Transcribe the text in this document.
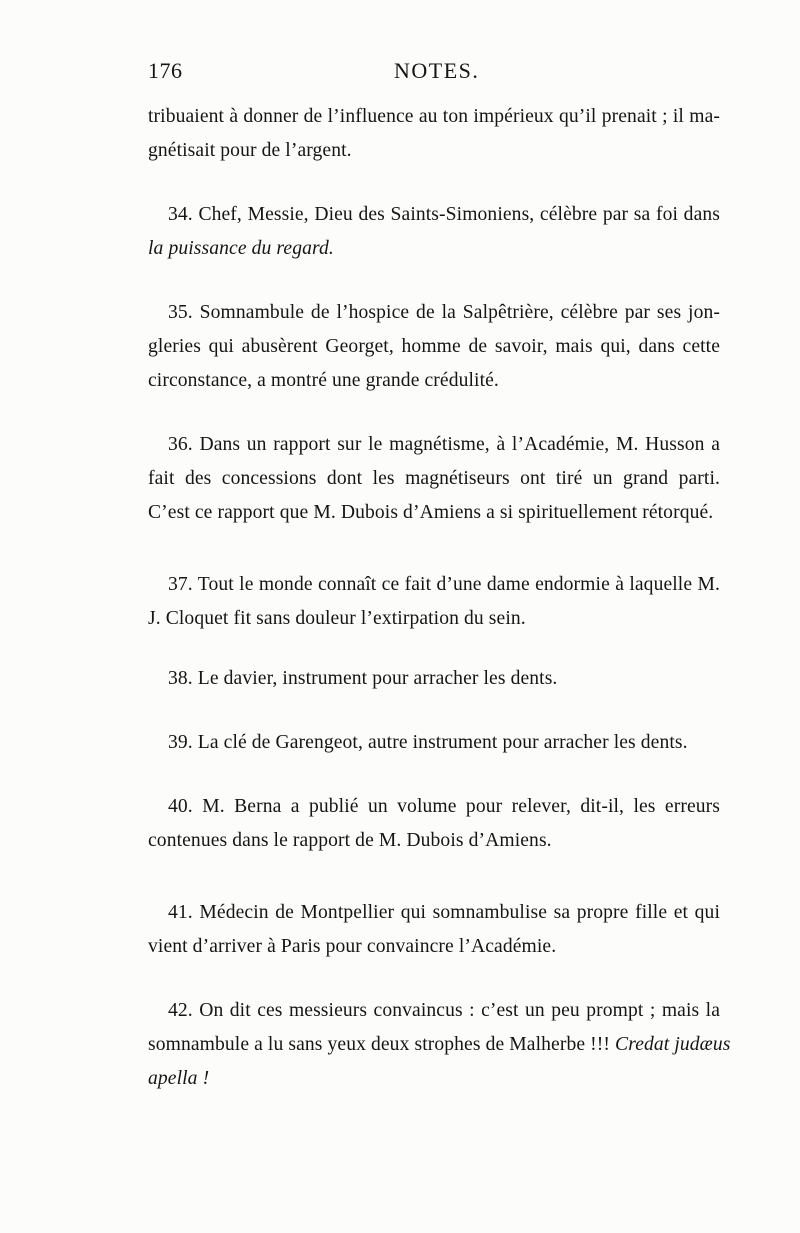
176	NOTES.
tribuaient à donner de l’influence au ton impérieux qu’il prenait ; il ma-
gnétisait pour de l’argent.
34. Chef, Messie, Dieu des Saints-Simoniens, célèbre par sa foi dans
la puissance du regard.
35. Somnambule de l’hospice de la Salpêtrière, célèbre par ses jon-
gleries qui abusèrent Georget, homme de savoir, mais qui, dans cette
circonstance, a montré une grande crédulité.
36. Dans un rapport sur le magnétisme, à l’Académie, M. Husson a
fait des concessions dont les magnétiseurs ont tiré un grand parti.
C’est ce rapport que M. Dubois d’Amiens a si spirituellement rétorqué.
37. Tout le monde connaît ce fait d’une dame endormie à laquelle M.
J. Cloquet fit sans douleur l’extirpation du sein.
38. Le davier, instrument pour arracher les dents.
39. La clé de Garengeot, autre instrument pour arracher les dents.
40. M. Berna a publié un volume pour relever, dit-il, les erreurs
contenues dans le rapport de M. Dubois d’Amiens.
41. Médecin de Montpellier qui somnambulise sa propre fille et qui
vient d’arriver à Paris pour convaincre l’Académie.
42. On dit ces messieurs convaincus : c’est un peu prompt ; mais la
somnambule a lu sans yeux deux strophes de Malherbe !!! Credat judæus
apella !
